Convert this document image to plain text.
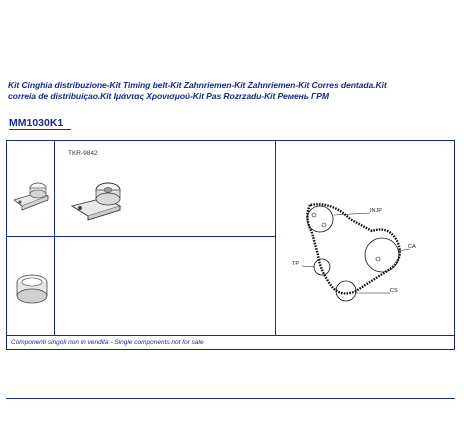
Kit Cinghia distribuzione-Kit Timing belt-Kit Zahnriemen-Kit Zahnriemen-Kit Corres dentada.Kit
correia de distribuiçao.Kit Ιμάντας Χρονισμού-Kit Pas Rozrzadu-Kit Ремень ГРМ
MM1030K1
TKR-9842
INJP
CA
TP
CS
Componenti singoli non in vendita - Single components not for sale
